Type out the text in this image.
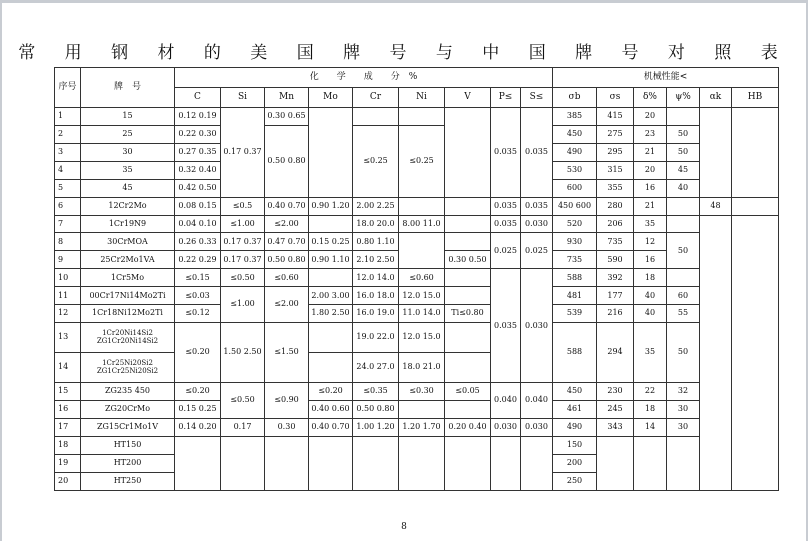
常 用 钢 材 的 美 国 牌 号 与 中 国 牌 号 对 照 表
序号	牌　号	化　　学　　成　　分　%									机械性能<					
		C	Si	Mn	Mo	Cr	Ni	V	P≤	S≤	σb	σs	δ%	ψ%	αk	HB
1	15	0.12 0.19	0.17 0.37	0.30 0.65					0.035	0.035	385	415	20			
2	25	0.22 0.30		0.50 0.80		≤0.25	≤0.25				450	275	23	50		
3	30	0.27 0.35									490	295	21	50		
4	35	0.32 0.40									530	315	20	45		
5	45	0.42 0.50									600	355	16	40		
6	12Cr2Mo	0.08 0.15	≤0.5	0.40 0.70	0.90 1.20	2.00 2.25			0.035	0.035	450 600	280	21		48	
7	1Cr19N9	0.04 0.10	≤1.00	≤2.00		18.0 20.0	8.00 11.0		0.035	0.030	520	206	35			
8	30CrMOA	0.26 0.33	0.17 0.37	0.47 0.70	0.15 0.25	0.80 1.10			0.025	0.025	930	735	12	50		
9	25Cr2Mo1VA	0.22 0.29	0.17 0.37	0.50 0.80	0.90 1.10	2.10 2.50		0.30 0.50			735	590	16			
10	1Cr5Mo	≤0.15	≤0.50	≤0.60		12.0 14.0	≤0.60		0.035	0.030	588	392	18			
11	00Cr17Ni14Mo2Ti	≤0.03	≤1.00	≤2.00	2.00 3.00	16.0 18.0	12.0 15.0				481	177	40	60		
12	1Cr18Ni12Mo2Ti	≤0.12			1.80 2.50	16.0 19.0	11.0 14.0	Ti≤0.80			539	216	40	55		
13	1Cr20Ni14Si2 ZG1Cr20Ni14Si2	≤0.20	1.50 2.50	≤1.50		19.0 22.0	12.0 15.0				588	294	35	50		
14	1Cr25Ni20Si2 ZG1Cr25Ni20Si2					24.0 27.0	18.0 21.0									
15	ZG235 450	≤0.20	≤0.50	≤0.90	≤0.20	≤0.35	≤0.30	≤0.05	0.040	0.040	450	230	22	32		
16	ZG20CrMo	0.15 0.25			0.40 0.60	0.50 0.80					461	245	18	30		
17	ZG15Cr1Mo1V	0.14 0.20	0.17	0.30	0.40 0.70	1.00 1.20	1.20 1.70	0.20 0.40	0.030	0.030	490	343	14	30		
18	HT150										150					
19	HT200										200					
20	HT250										250					
8
